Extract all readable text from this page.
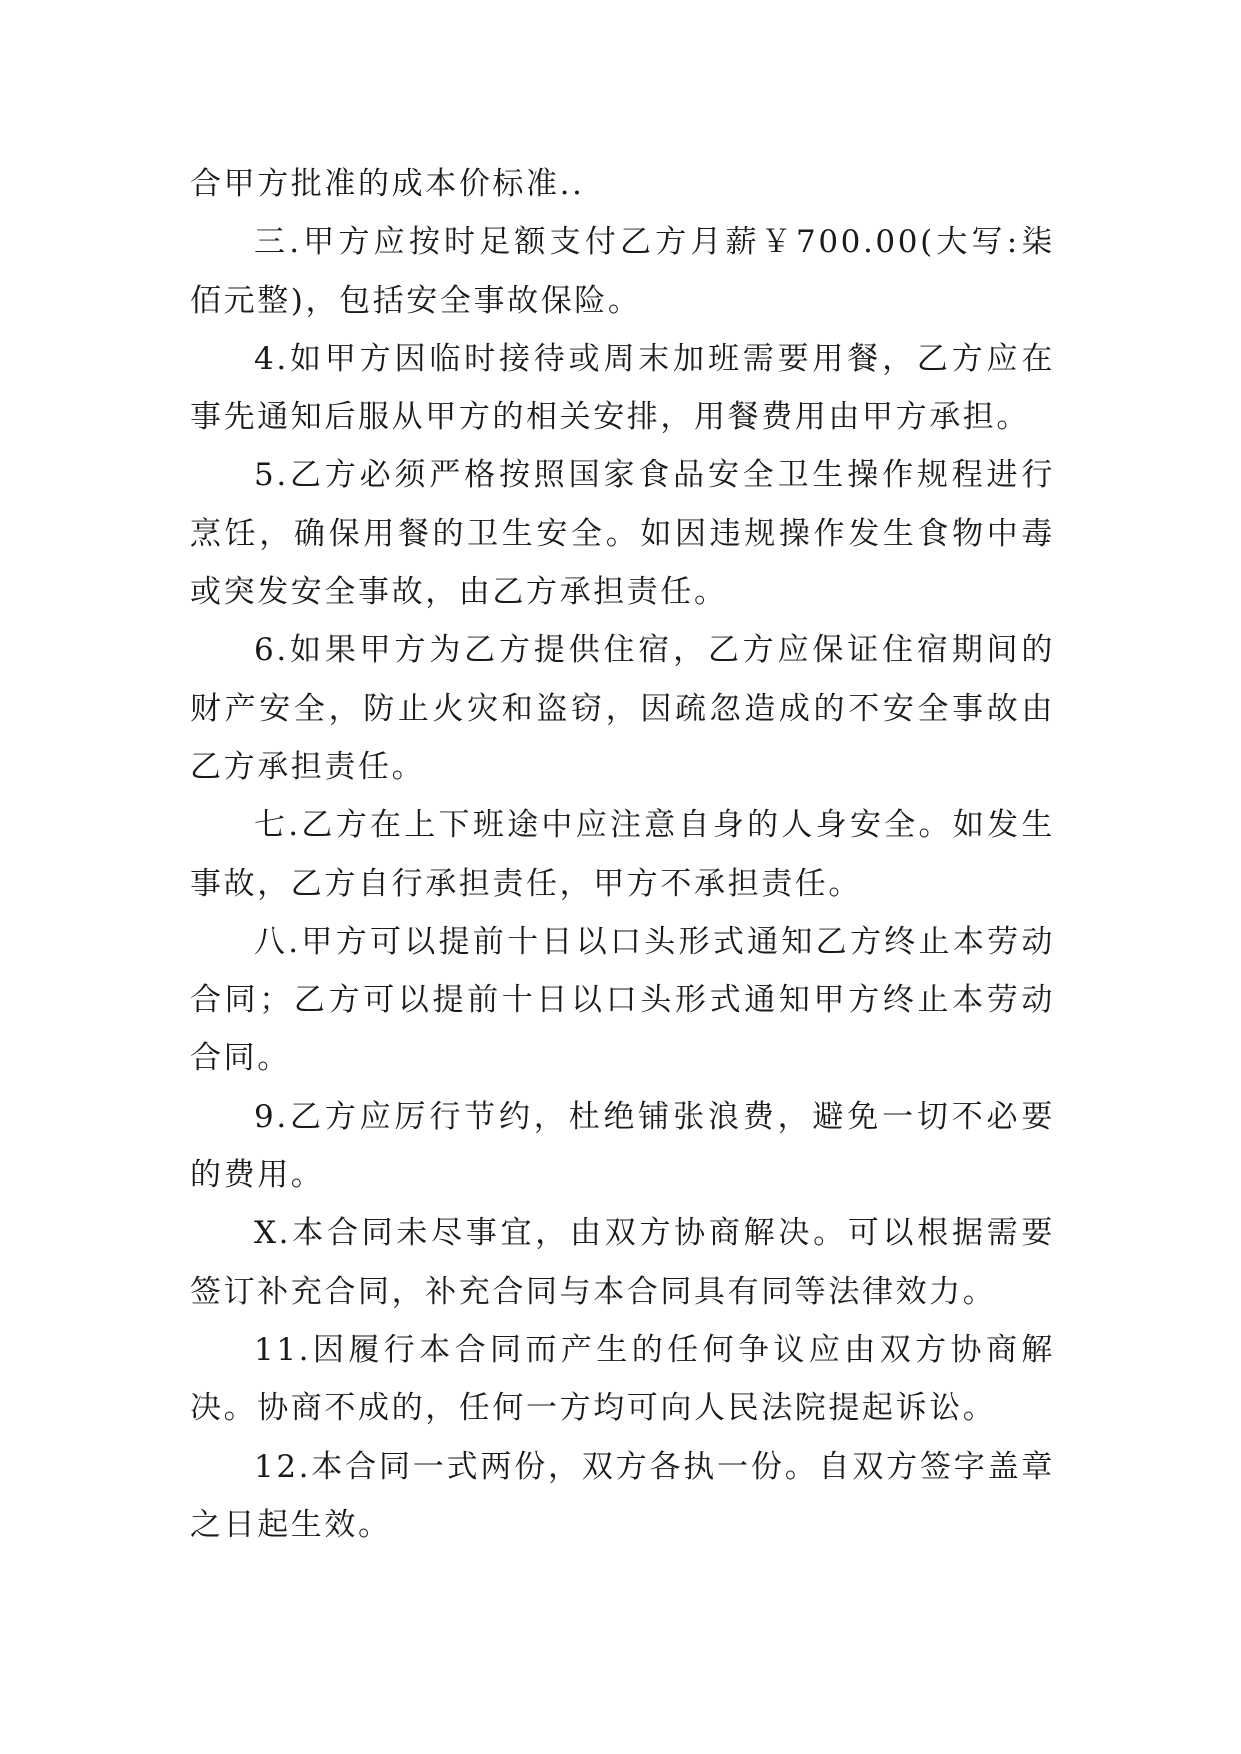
合甲方批准的成本价标准..

三.甲方应按时足额支付乙方月薪￥700.00(大写:柒佰元整)，包括安全事故保险。

4.如甲方因临时接待或周末加班需要用餐，乙方应在事先通知后服从甲方的相关安排，用餐费用由甲方承担。

5.乙方必须严格按照国家食品安全卫生操作规程进行烹饪，确保用餐的卫生安全。如因违规操作发生食物中毒或突发安全事故，由乙方承担责任。

6.如果甲方为乙方提供住宿，乙方应保证住宿期间的财产安全，防止火灾和盗窃，因疏忽造成的不安全事故由乙方承担责任。

七.乙方在上下班途中应注意自身的人身安全。如发生事故，乙方自行承担责任，甲方不承担责任。

八.甲方可以提前十日以口头形式通知乙方终止本劳动合同；乙方可以提前十日以口头形式通知甲方终止本劳动合同。

9.乙方应厉行节约，杜绝铺张浪费，避免一切不必要的费用。

X.本合同未尽事宜，由双方协商解决。可以根据需要签订补充合同，补充合同与本合同具有同等法律效力。

11.因履行本合同而产生的任何争议应由双方协商解决。协商不成的，任何一方均可向人民法院提起诉讼。

12.本合同一式两份，双方各执一份。自双方签字盖章之日起生效。
